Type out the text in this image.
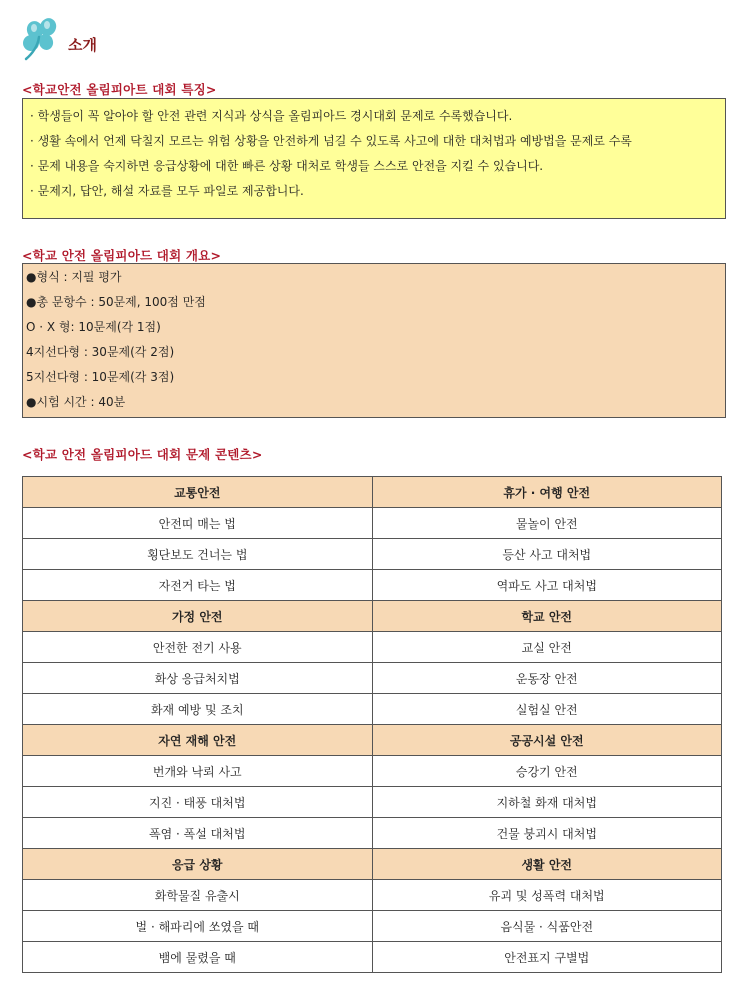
소개
<학교안전 올림피아트 대회 특징>
· 학생들이 꼭 알아야 할 안전 관련 지식과 상식을 올림피아드 경시대회 문제로 수록했습니다.
· 생활 속에서 언제 닥칠지 모르는 위험 상황을 안전하게 넘길 수 있도록 사고에 대한 대처법과 예방법을 문제로 수록
· 문제 내용을 숙지하면 응급상황에 대한 빠른 상황 대처로 학생들 스스로 안전을 지킬 수 있습니다.
· 문제지, 답안, 해설 자료를 모두 파일로 제공합니다.
<학교 안전 올림피아드 대회 개요>
●형식 : 지필 평가
●총 문항수 : 50문제, 100점 만점
O · X 형: 10문제(각 1점)
4지선다형 : 30문제(각 2점)
5지선다형 : 10문제(각 3점)
●시험 시간 : 40분
<학교 안전 올림피아드 대회 문제 콘텐츠>
교통안전	휴가 · 여행 안전
안전띠 매는 법	물놀이 안전
횡단보도 건너는 법	등산 사고 대처법
자전거 타는 법	역파도 사고 대처법
가정 안전	학교 안전
안전한 전기 사용	교실 안전
화상 응급처치법	운동장 안전
화재 예방 및 조치	실험실 안전
자연 재해 안전	공공시설 안전
번개와 낙뢰 사고	승강기 안전
지진 · 태풍 대처법	지하철 화재 대처법
폭염 · 폭설 대처법	건물 붕괴시 대처법
응급 상황	생활 안전
화학물질 유출시	유괴 및 성폭력 대처법
벌 · 해파리에 쏘였을 때	음식물 · 식품안전
뱀에 물렸을 때	안전표지 구별법
